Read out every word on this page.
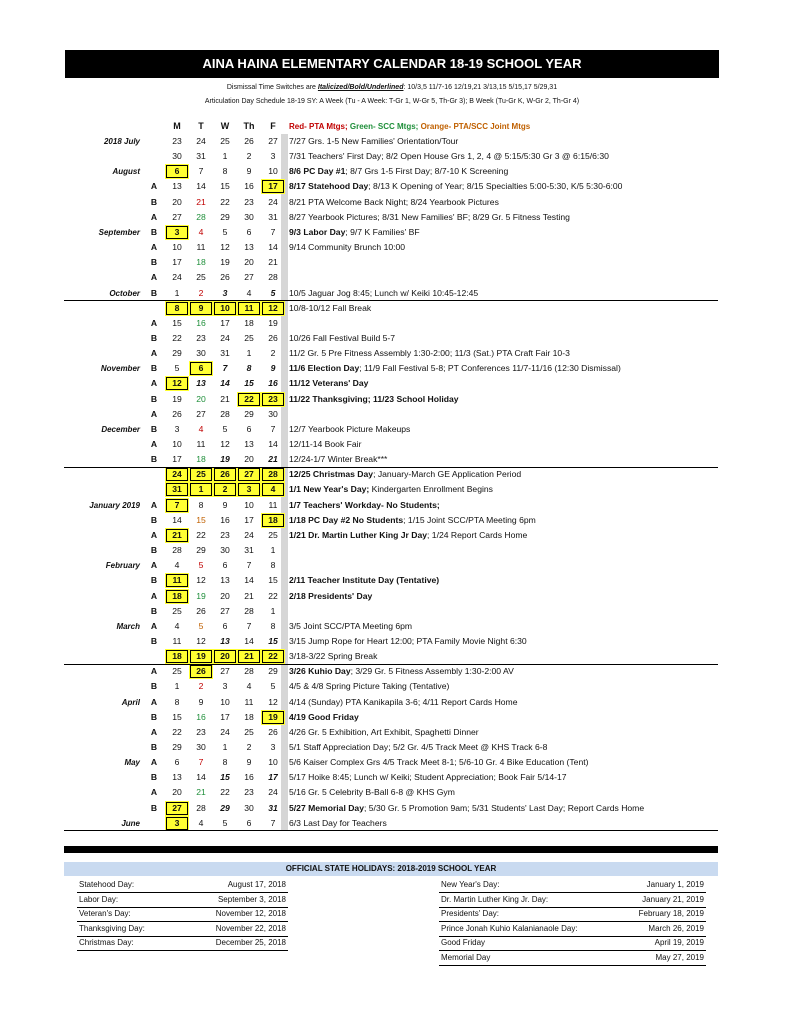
AINA HAINA ELEMENTARY CALENDAR 18-19 SCHOOL YEAR
Dismissal Time Switches are Italicized/Bold/Underlined: 10/3,5 11/7-16 12/19,21 3/13,15 5/15,17 5/29,31
Articulation Day Schedule 18-19 SY: A Week (Tu - A Week: T-Gr 1, W-Gr 5, Th-Gr 3); B Week (Tu-Gr K, W-Gr 2, Th-Gr 4)
Red- PTA Mtgs; Green- SCC Mtgs; Orange- PTA/SCC Joint Mtgs
M	T	W	Th	F
2018 July	23	24	25	26	27	7/27 Grs. 1-5 New Families' Orientation/Tour
30	31	1	2	3	7/31 Teachers' First Day; 8/2 Open House Grs 1, 2, 4 @ 5:15/5:30 Gr 3 @ 6:15/6:30
August	6	7	8	9	10	8/6 PC Day #1; 8/7 Grs 1-5 First Day; 8/7-10 K Screening
A	13	14	15	16	17	8/17 Statehood Day; 8/13 K Opening of Year; 8/15 Specialties 5:00-5:30, K/5 5:30-6:00
B	20	21	22	23	24	8/21 PTA Welcome Back Night; 8/24 Yearbook Pictures
A	27	28	29	30	31	8/27 Yearbook Pictures; 8/31 New Families' BF; 8/29 Gr. 5 Fitness Testing
September	B	3	4	5	6	7	9/3 Labor Day; 9/7 K Families' BF
A	10	11	12	13	14	9/14 Community Brunch 10:00
B	17	18	19	20	21
A	24	25	26	27	28
October	B	1	2	3	4	5	10/5 Jaguar Jog 8:45; Lunch w/ Keiki 10:45-12:45
8	9	10	11	12	10/8-10/12 Fall Break
A	15	16	17	18	19
B	22	23	24	25	26	10/26 Fall Festival Build 5-7
A	29	30	31	1	2	11/2 Gr. 5 Pre Fitness Assembly 1:30-2:00; 11/3 (Sat.) PTA Craft Fair 10-3
November	B	5	6	7	8	9	11/6 Election Day; 11/9 Fall Festival 5-8; PT Conferences 11/7-11/16 (12:30 Dismissal)
A	12	13	14	15	16	11/12 Veterans' Day
B	19	20	21	22	23	11/22 Thanksgiving; 11/23 School Holiday
A	26	27	28	29	30
December	B	3	4	5	6	7	12/7 Yearbook Picture Makeups
A	10	11	12	13	14	12/11-14 Book Fair
B	17	18	19	20	21	12/24-1/7 Winter Break***
24	25	26	27	28	12/25 Christmas Day; January-March GE Application Period
31	1	2	3	4	1/1 New Year's Day; Kindergarten Enrollment Begins
January 2019	A	7	8	9	10	11	1/7 Teachers' Workday- No Students;
B	14	15	16	17	18	1/18 PC Day #2 No Students; 1/15 Joint SCC/PTA Meeting 6pm
A	21	22	23	24	25	1/21 Dr. Martin Luther King Jr Day; 1/24 Report Cards Home
B	28	29	30	31	1
February	A	4	5	6	7	8
B	11	12	13	14	15	2/11 Teacher Institute Day (Tentative)
A	18	19	20	21	22	2/18 Presidents' Day
B	25	26	27	28	1
March	A	4	5	6	7	8	3/5 Joint SCC/PTA Meeting 6pm
B	11	12	13	14	15	3/15 Jump Rope for Heart 12:00; PTA Family Movie Night 6:30
18	19	20	21	22	3/18-3/22 Spring Break
A	25	26	27	28	29	3/26 Kuhio Day; 3/29 Gr. 5 Fitness Assembly 1:30-2:00 AV
B	1	2	3	4	5	4/5 & 4/8 Spring Picture Taking (Tentative)
April	A	8	9	10	11	12	4/14 (Sunday) PTA Kanikapila 3-6; 4/11 Report Cards Home
B	15	16	17	18	19	4/19 Good Friday
A	22	23	24	25	26	4/26 Gr. 5 Exhibition, Art Exhibit, Spaghetti Dinner
B	29	30	1	2	3	5/1 Staff Appreciation Day; 5/2 Gr. 4/5 Track Meet @ KHS Track 6-8
May	A	6	7	8	9	10	5/6 Kaiser Complex Grs 4/5 Track Meet 8-1; 5/6-10 Gr. 4 Bike Education (Tent)
B	13	14	15	16	17	5/17 Hoike 8:45; Lunch w/ Keiki; Student Appreciation; Book Fair 5/14-17
A	20	21	22	23	24	5/16 Gr. 5 Celebrity B-Ball 6-8 @ KHS Gym
B	27	28	29	30	31	5/27 Memorial Day; 5/30 Gr. 5 Promotion 9am; 5/31 Students' Last Day; Report Cards Home
June	3	4	5	6	7	6/3 Last Day for Teachers
OFFICIAL STATE HOLIDAYS: 2018-2019 SCHOOL YEAR
Statehood Day:	August 17, 2018
Labor Day:	September 3, 2018
Veteran's Day:	November 12, 2018
Thanksgiving Day:	November 22, 2018
Christmas Day:	December 25, 2018
New Year's Day:	January 1, 2019
Dr. Martin Luther King Jr. Day:	January 21, 2019
Presidents' Day:	February 18, 2019
Prince Jonah Kuhio Kalanianaole Day:	March 26, 2019
Good Friday	April 19, 2019
Memorial Day	May 27, 2019
